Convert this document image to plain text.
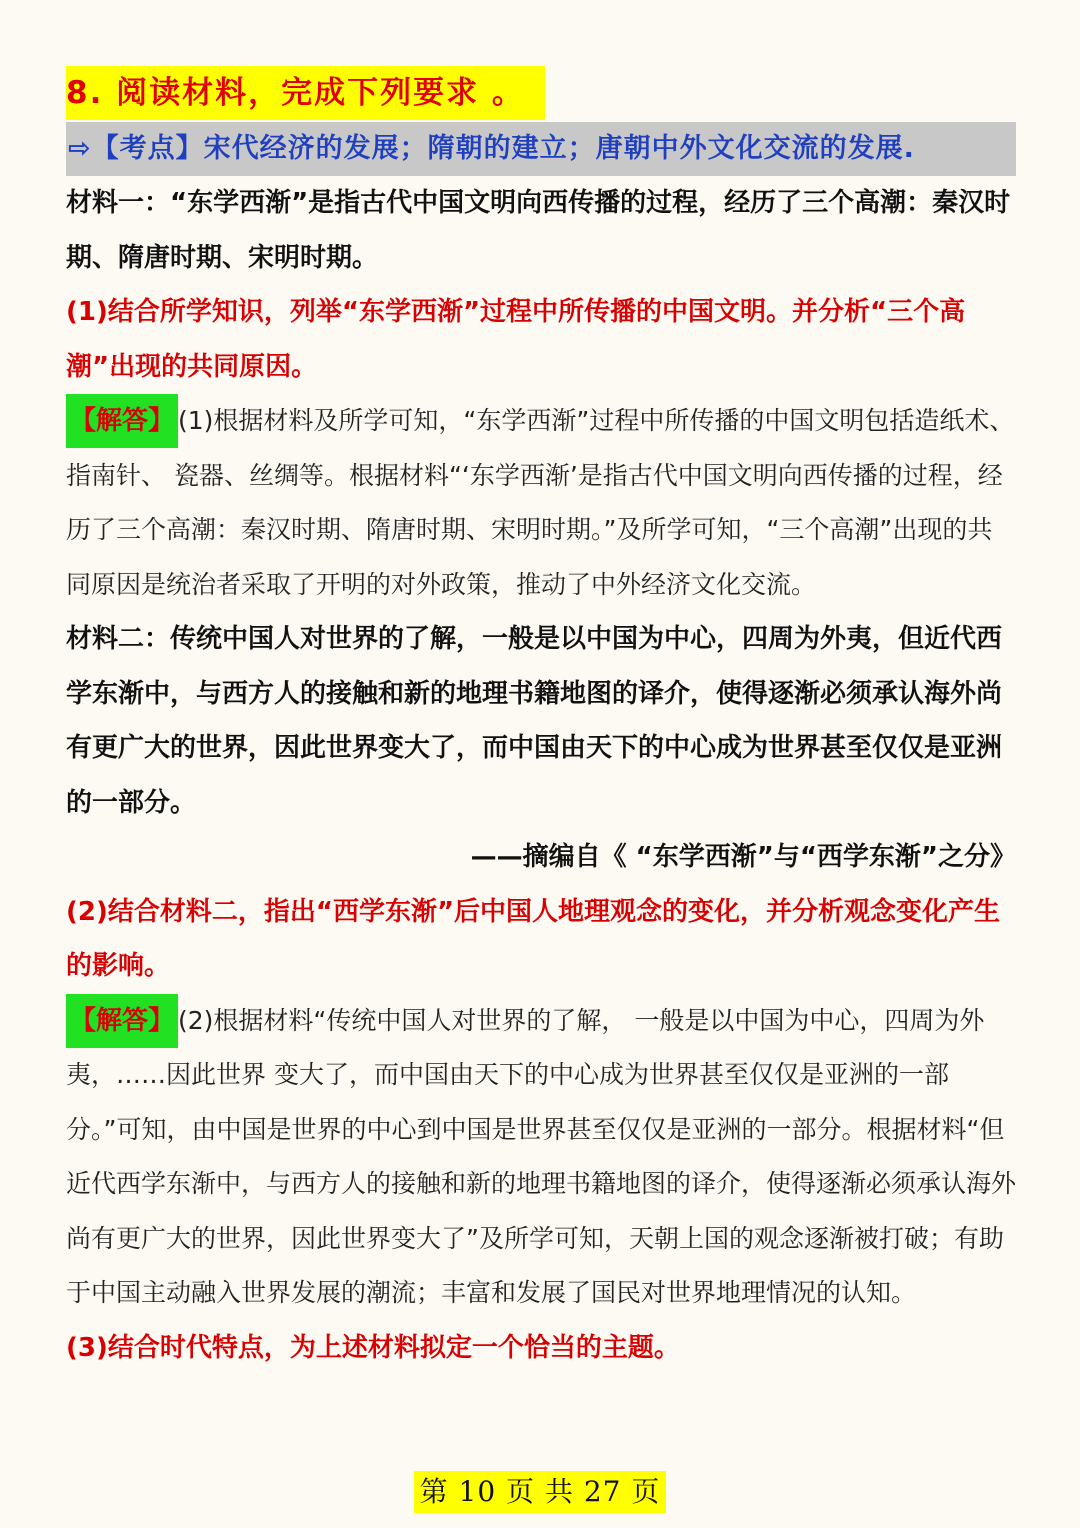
8. 阅读材料，完成下列要求 。
⇨【考点】宋代经济的发展；隋朝的建立；唐朝中外文化交流的发展.

材料一：“东学西渐”是指古代中国文明向西传播的过程，经历了三个高潮：秦汉时期、隋唐时期、宋明时期。

(1)结合所学知识，列举“东学西渐”过程中所传播的中国文明。并分析“三个高潮”出现的共同原因。

【解答】 (1)根据材料及所学可知，“东学西渐”过程中所传播的中国文明包括造纸术、指南针、 瓷器、丝绸等。根据材料“‘东学西渐’是指古代中国文明向西传播的过程，经历了三个高潮：秦汉时期、隋唐时期、宋明时期。”及所学可知，“三个高潮”出现的共同原因是统治者采取了开明的对外政策，推动了中外经济文化交流。

材料二：传统中国人对世界的了解，一般是以中国为中心，四周为外夷，但近代西学东渐中，与西方人的接触和新的地理书籍地图的译介，使得逐渐必须承认海外尚有更广大的世界，因此世界变大了，而中国由天下的中心成为世界甚至仅仅是亚洲的一部分。

——摘编自《 “东学西渐”与“西学东渐”之分》

(2)结合材料二，指出“西学东渐”后中国人地理观念的变化，并分析观念变化产生的影响。

【解答】 (2)根据材料“传统中国人对世界的了解， 一般是以中国为中心，四周为外夷，……因此世界 变大了，而中国由天下的中心成为世界甚至仅仅是亚洲的一部分。”可知，由中国是世界的中心到中国是世界甚至仅仅是亚洲的一部分。根据材料“但近代西学东渐中，与西方人的接触和新的地理书籍地图的译介，使得逐渐必须承认海外尚有更广大的世界，因此世界变大了”及所学可知，天朝上国的观念逐渐被打破；有助于中国主动融入世界发展的潮流；丰富和发展了国民对世界地理情况的认知。

(3)结合时代特点，为上述材料拟定一个恰当的主题。

第 10 页 共 27 页
